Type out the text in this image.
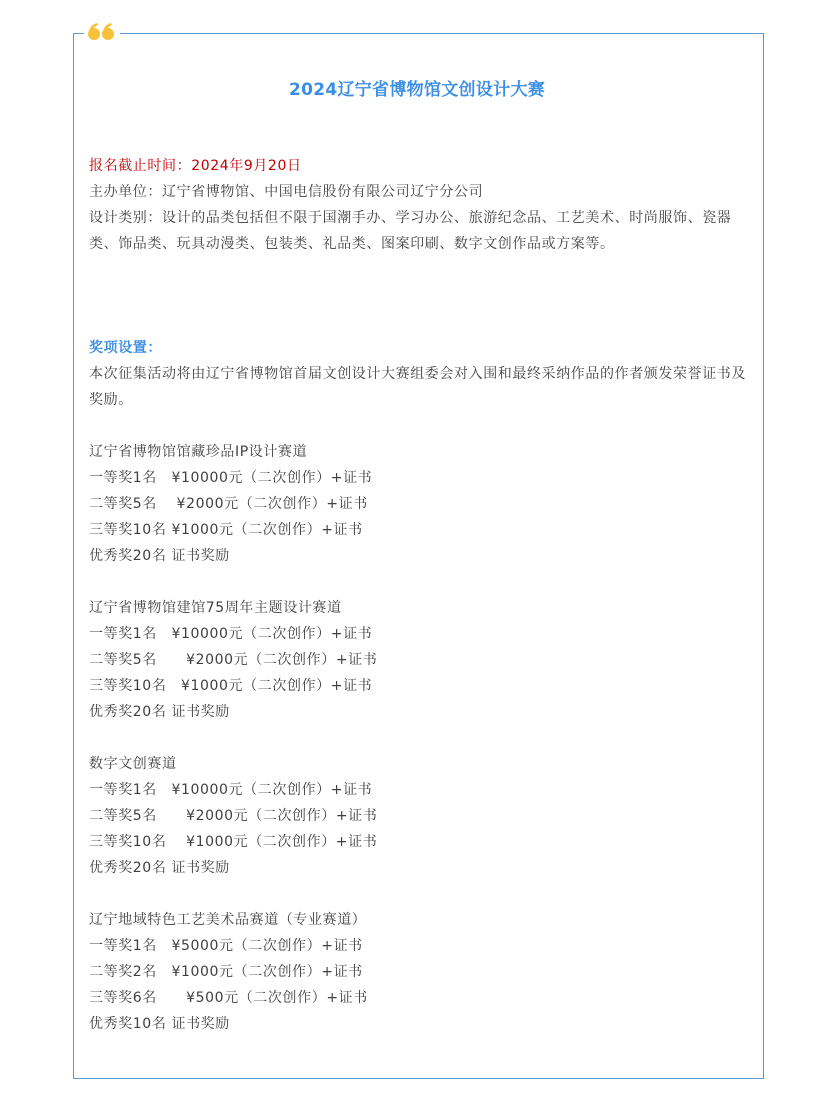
2024辽宁省博物馆文创设计大赛

报名截止时间：2024年9月20日

主办单位：辽宁省博物馆、中国电信股份有限公司辽宁分公司

设计类别：设计的品类包括但不限于国潮手办、学习办公、旅游纪念品、工艺美术、时尚服饰、瓷器类、饰品类、玩具动漫类、包装类、礼品类、图案印刷、数字文创作品或方案等。

奖项设置：

本次征集活动将由辽宁省博物馆首届文创设计大赛组委会对入围和最终采纳作品的作者颁发荣誉证书及奖励。

辽宁省博物馆馆藏珍品IP设计赛道

一等奖1名　¥10000元（二次创作）+证书

二等奖5名　 ¥2000元（二次创作）+证书

三等奖10名 ¥1000元（二次创作）+证书

优秀奖20名 证书奖励

辽宁省博物馆建馆75周年主题设计赛道

一等奖1名　¥10000元（二次创作）+证书

二等奖5名　　¥2000元（二次创作）+证书

三等奖10名　¥1000元（二次创作）+证书

优秀奖20名 证书奖励

数字文创赛道

一等奖1名　¥10000元（二次创作）+证书

二等奖5名　　¥2000元（二次创作）+证书

三等奖10名　 ¥1000元（二次创作）+证书

优秀奖20名 证书奖励

辽宁地域特色工艺美术品赛道（专业赛道）

一等奖1名　¥5000元（二次创作）+证书

二等奖2名　¥1000元（二次创作）+证书

三等奖6名　　¥500元（二次创作）+证书

优秀奖10名 证书奖励
